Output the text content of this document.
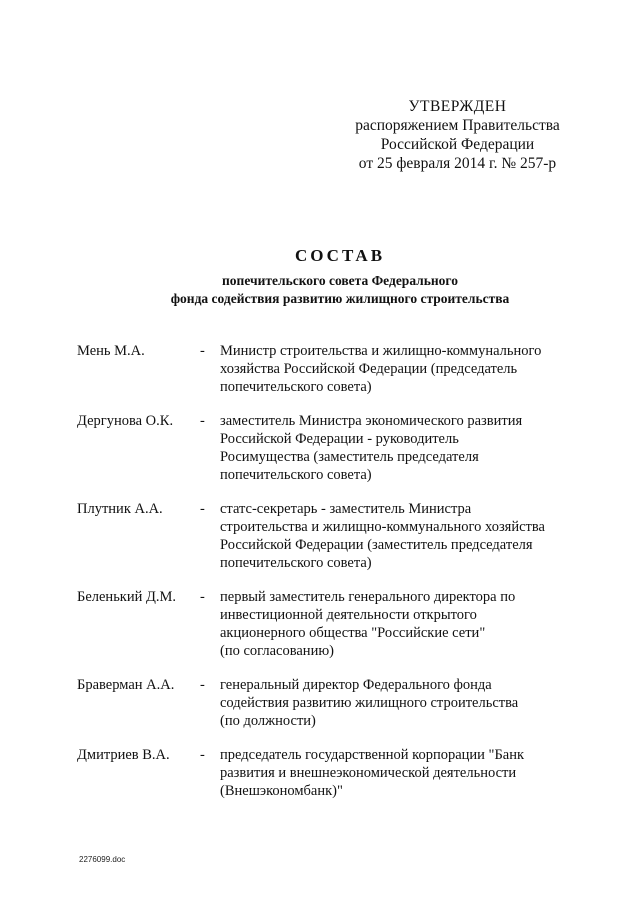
УТВЕРЖДЕН
распоряжением Правительства
Российской Федерации
от 25 февраля 2014 г. № 257-р
СОСТАВ
попечительского совета Федерального
фонда содействия развитию жилищного строительства
Мень М.А.	-	Министр строительства и жилищно-коммунального
хозяйства Российской Федерации (председатель
попечительского совета)
Дергунова О.К.	-	заместитель Министра экономического развития
Российской Федерации - руководитель
Росимущества (заместитель председателя
попечительского совета)
Плутник А.А.	-	статс-секретарь - заместитель Министра
строительства и жилищно-коммунального хозяйства
Российской Федерации (заместитель председателя
попечительского совета)
Беленький Д.М.	-	первый заместитель генерального директора по
инвестиционной деятельности открытого
акционерного общества "Российские сети"
(по согласованию)
Браверман А.А.	-	генеральный директор Федерального фонда
содействия развитию жилищного строительства
(по должности)
Дмитриев В.А.	-	председатель государственной корпорации "Банк
развития и внешнеэкономической деятельности
(Внешэкономбанк)"
2276099.doc
